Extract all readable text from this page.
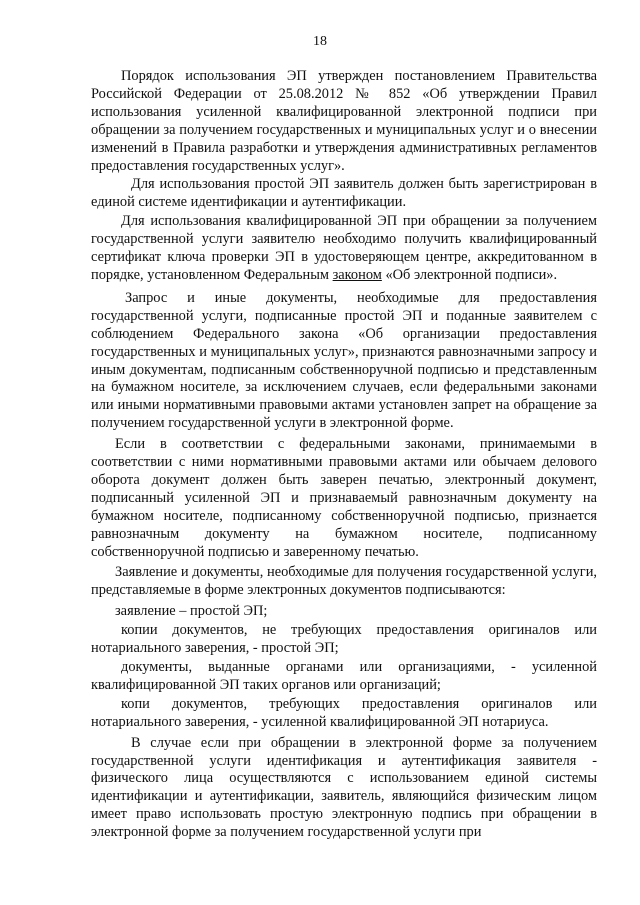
18

Порядок использования ЭП утвержден постановлением Правительства Российской Федерации от 25.08.2012 № 852 «Об утверждении Правил использования усиленной квалифицированной электронной подписи при обращении за получением государственных и муниципальных услуг и о внесении изменений в Правила разработки и утверждения административных регламентов предоставления государственных услуг».

Для использования простой ЭП заявитель должен быть зарегистрирован в единой системе идентификации и аутентификации.

Для использования квалифицированной ЭП при обращении за получением государственной услуги заявителю необходимо получить квалифицированный сертификат ключа проверки ЭП в удостоверяющем центре, аккредитованном в порядке, установленном Федеральным законом «Об электронной подписи».

Запрос и иные документы, необходимые для предоставления государственной услуги, подписанные простой ЭП и поданные заявителем с соблюдением Федерального закона «Об организации предоставления государственных и муниципальных услуг», признаются равнозначными запросу и иным документам, подписанным собственноручной подписью и представленным на бумажном носителе, за исключением случаев, если федеральными законами или иными нормативными правовыми актами установлен запрет на обращение за получением государственной услуги в электронной форме.

Если в соответствии с федеральными законами, принимаемыми в соответствии с ними нормативными правовыми актами или обычаем делового оборота документ должен быть заверен печатью, электронный документ, подписанный усиленной ЭП и признаваемый равнозначным документу на бумажном носителе, подписанному собственноручной подписью, признается равнозначным документу на бумажном носителе, подписанному собственноручной подписью и заверенному печатью.

Заявление и документы, необходимые для получения государственной услуги, представляемые в форме электронных документов подписываются:

заявление – простой ЭП;

копии документов, не требующих предоставления оригиналов или нотариального заверения, - простой ЭП;

документы, выданные органами или организациями, - усиленной квалифицированной ЭП таких органов или организаций;

копи документов, требующих предоставления оригиналов или нотариального заверения, - усиленной квалифицированной ЭП нотариуса.

В случае если при обращении в электронной форме за получением государственной услуги идентификация и аутентификация заявителя - физического лица осуществляются с использованием единой системы идентификации и аутентификации, заявитель, являющийся физическим лицом имеет право использовать простую электронную подпись при обращении в электронной форме за получением государственной услуги при
